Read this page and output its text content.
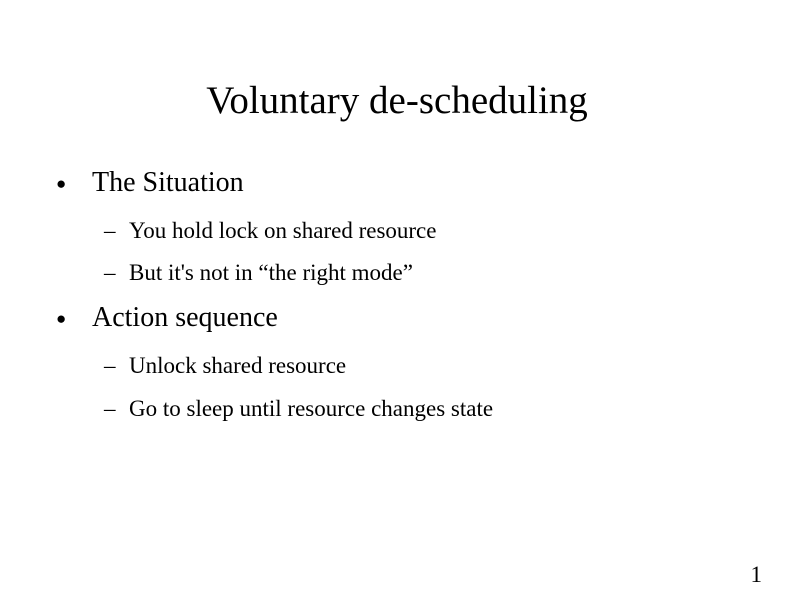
Voluntary de-scheduling
● The Situation
– You hold lock on shared resource
– But it's not in “the right mode”
● Action sequence
– Unlock shared resource
– Go to sleep until resource changes state
1
